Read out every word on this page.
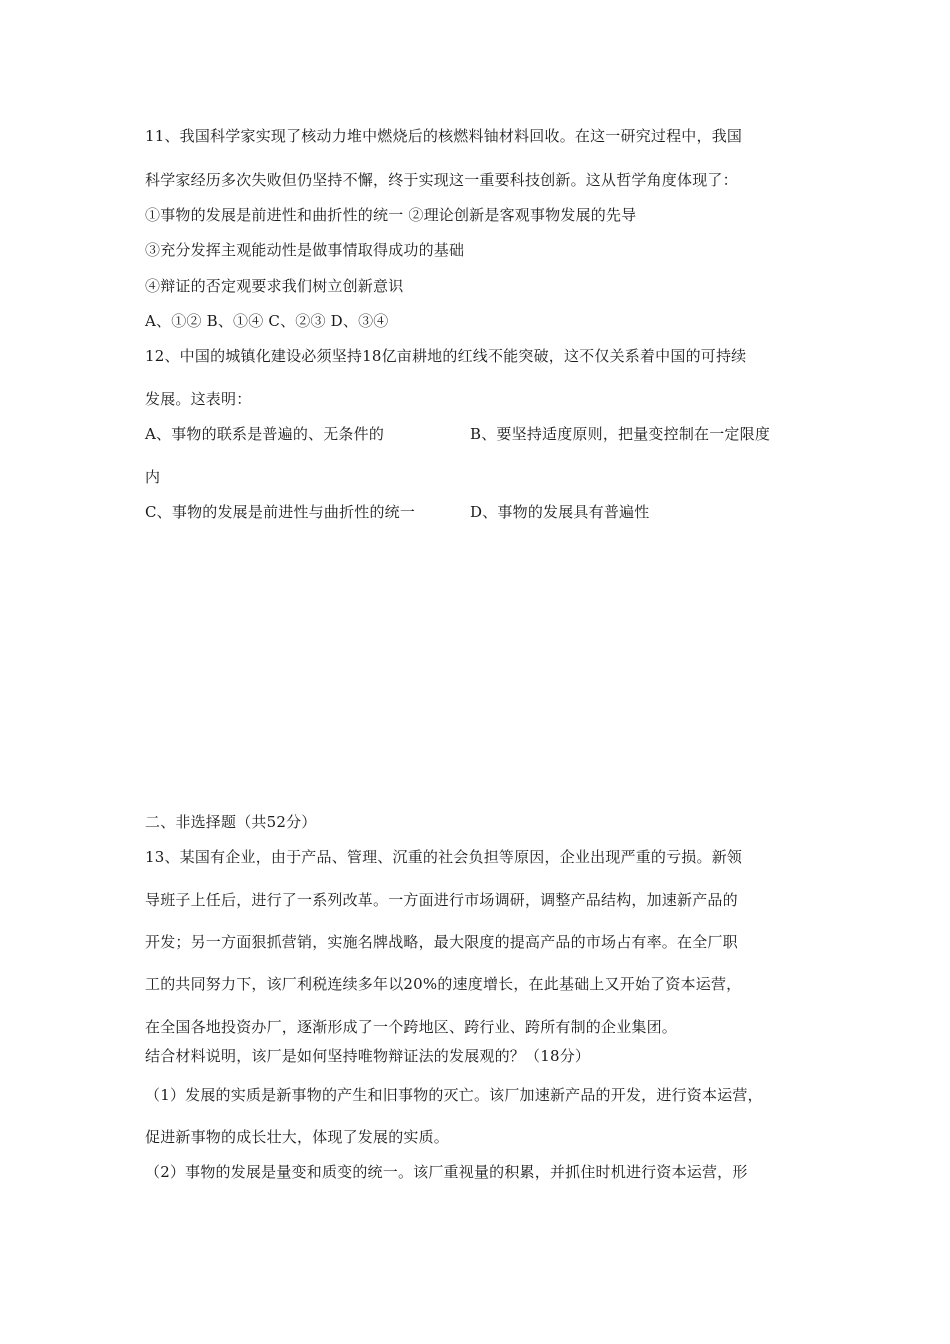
11、我国科学家实现了核动力堆中燃烧后的核燃料铀材料回收。在这一研究过程中，我国
科学家经历多次失败但仍坚持不懈，终于实现这一重要科技创新。这从哲学角度体现了：
①事物的发展是前进性和曲折性的统一 ②理论创新是客观事物发展的先导
③充分发挥主观能动性是做事情取得成功的基础
④辩证的否定观要求我们树立创新意识
A、①② B、①④ C、②③ D、③④
12、中国的城镇化建设必须坚持18亿亩耕地的红线不能突破，这不仅关系着中国的可持续
发展。这表明：
A、事物的联系是普遍的、无条件的	B、要坚持适度原则，把量变控制在一定限度
内
C、事物的发展是前进性与曲折性的统一	D、事物的发展具有普遍性
二、非选择题（共52分）
13、某国有企业，由于产品、管理、沉重的社会负担等原因，企业出现严重的亏损。新领
导班子上任后，进行了一系列改革。一方面进行市场调研，调整产品结构，加速新产品的
开发；另一方面狠抓营销，实施名牌战略，最大限度的提高产品的市场占有率。在全厂职
工的共同努力下，该厂利税连续多年以20%的速度增长，在此基础上又开始了资本运营，
在全国各地投资办厂，逐渐形成了一个跨地区、跨行业、跨所有制的企业集团。
结合材料说明，该厂是如何坚持唯物辩证法的发展观的？（18分）
（1）发展的实质是新事物的产生和旧事物的灭亡。该厂加速新产品的开发，进行资本运营，
促进新事物的成长壮大，体现了发展的实质。
（2）事物的发展是量变和质变的统一。该厂重视量的积累，并抓住时机进行资本运营，形
